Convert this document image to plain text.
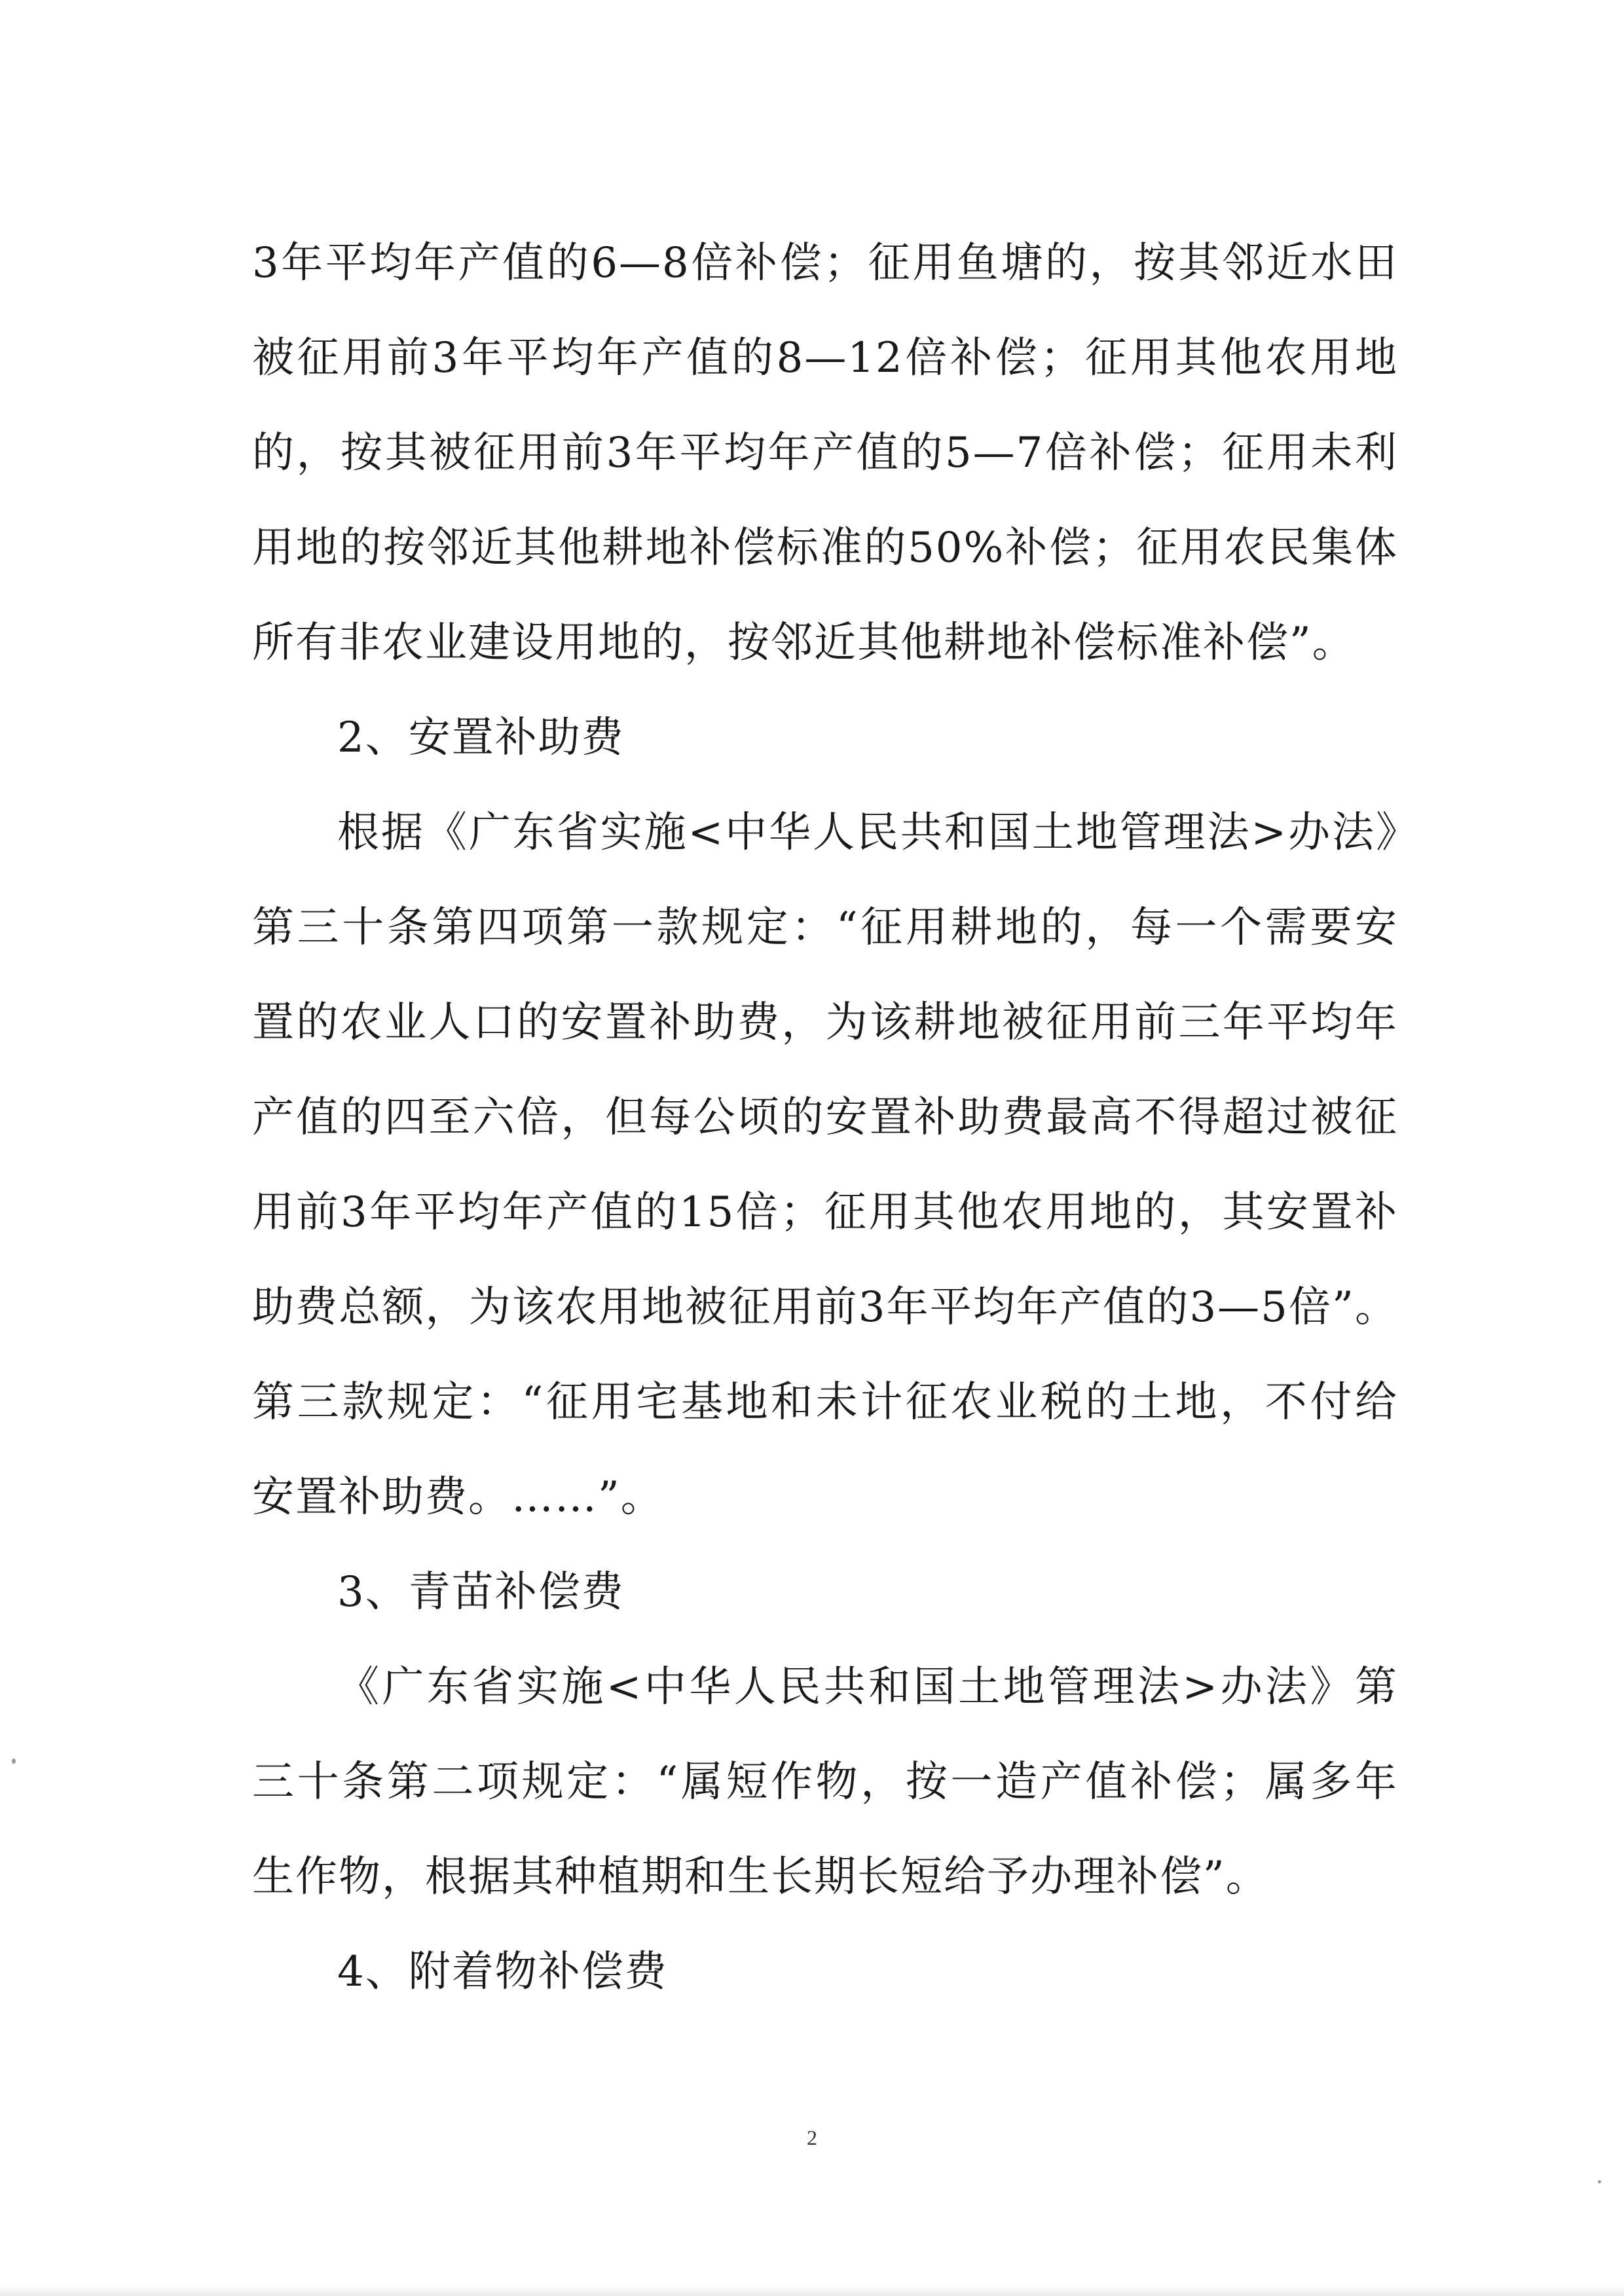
3年平均年产值的6—8倍补偿；征用鱼塘的，按其邻近水田被征用前3年平均年产值的8—12倍补偿；征用其他农用地的，按其被征用前3年平均年产值的5—7倍补偿；征用未利用地的按邻近其他耕地补偿标准的50%补偿；征用农民集体所有非农业建设用地的，按邻近其他耕地补偿标准补偿”。

2、安置补助费

根据《广东省实施<中华人民共和国土地管理法>办法》第三十条第四项第一款规定：“征用耕地的，每一个需要安置的农业人口的安置补助费，为该耕地被征用前三年平均年产值的四至六倍，但每公顷的安置补助费最高不得超过被征用前3年平均年产值的15倍；征用其他农用地的，其安置补助费总额，为该农用地被征用前3年平均年产值的3—5倍”。第三款规定：“征用宅基地和未计征农业税的土地，不付给安置补助费。……”。

3、青苗补偿费

《广东省实施<中华人民共和国土地管理法>办法》第三十条第二项规定：“属短作物，按一造产值补偿；属多年生作物，根据其种植期和生长期长短给予办理补偿”。

4、附着物补偿费

2
